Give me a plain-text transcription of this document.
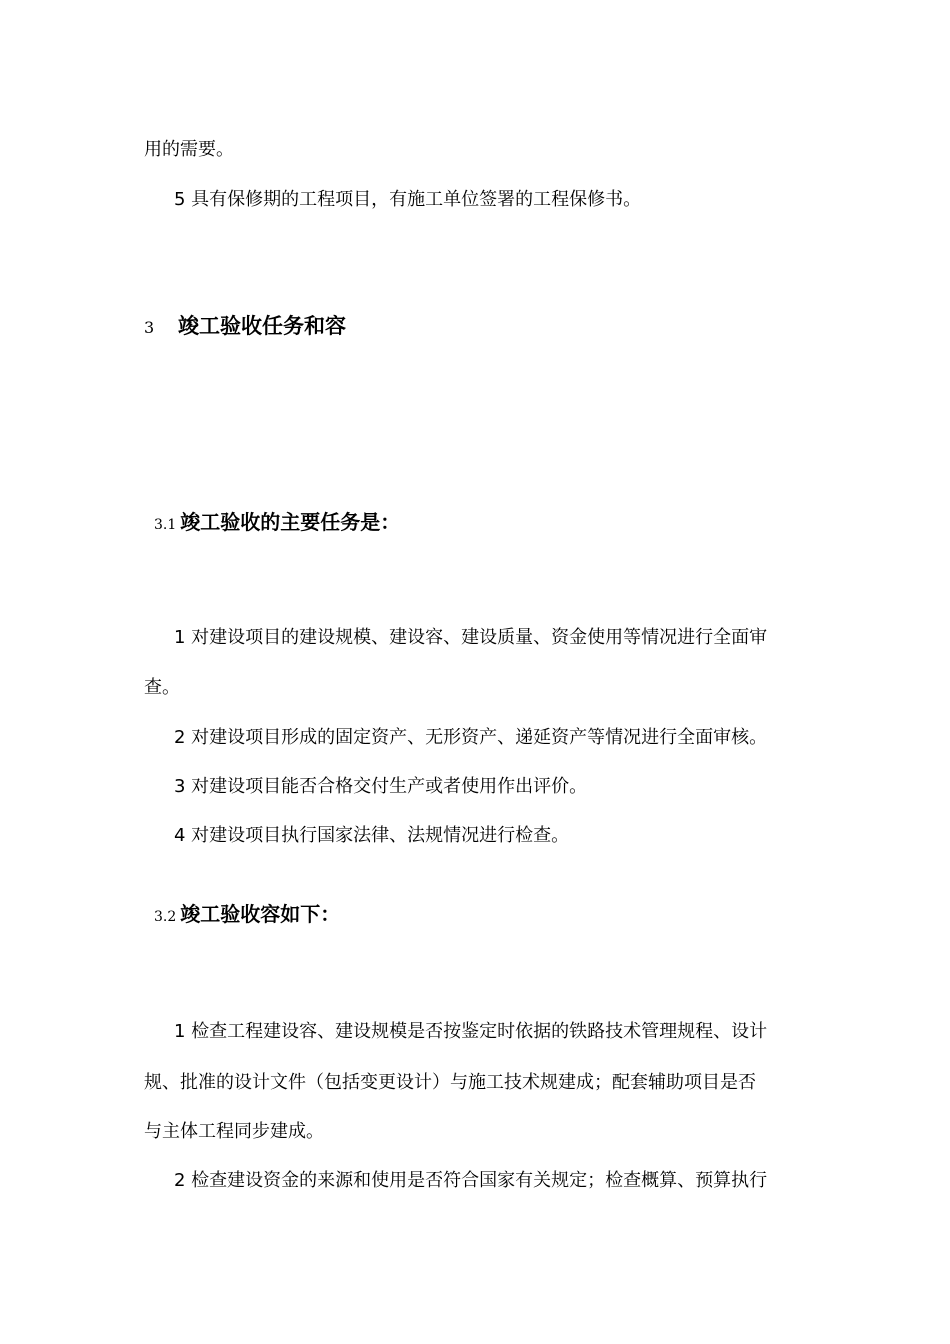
用的需要。

5 具有保修期的工程项目，有施工单位签署的工程保修书。

3 竣工验收任务和容
3.1 竣工验收的主要任务是：

1 对建设项目的建设规模、建设容、建设质量、资金使用等情况进行全面审

查。

2 对建设项目形成的固定资产、无形资产、递延资产等情况进行全面审核。

3 对建设项目能否合格交付生产或者使用作出评价。

4 对建设项目执行国家法律、法规情况进行检查。

3.2 竣工验收容如下：

1 检查工程建设容、建设规模是否按鉴定时依据的铁路技术管理规程、设计

规、批准的设计文件（包括变更设计）与施工技术规建成；配套辅助项目是否

与主体工程同步建成。

2 检查建设资金的来源和使用是否符合国家有关规定；检查概算、预算执行
